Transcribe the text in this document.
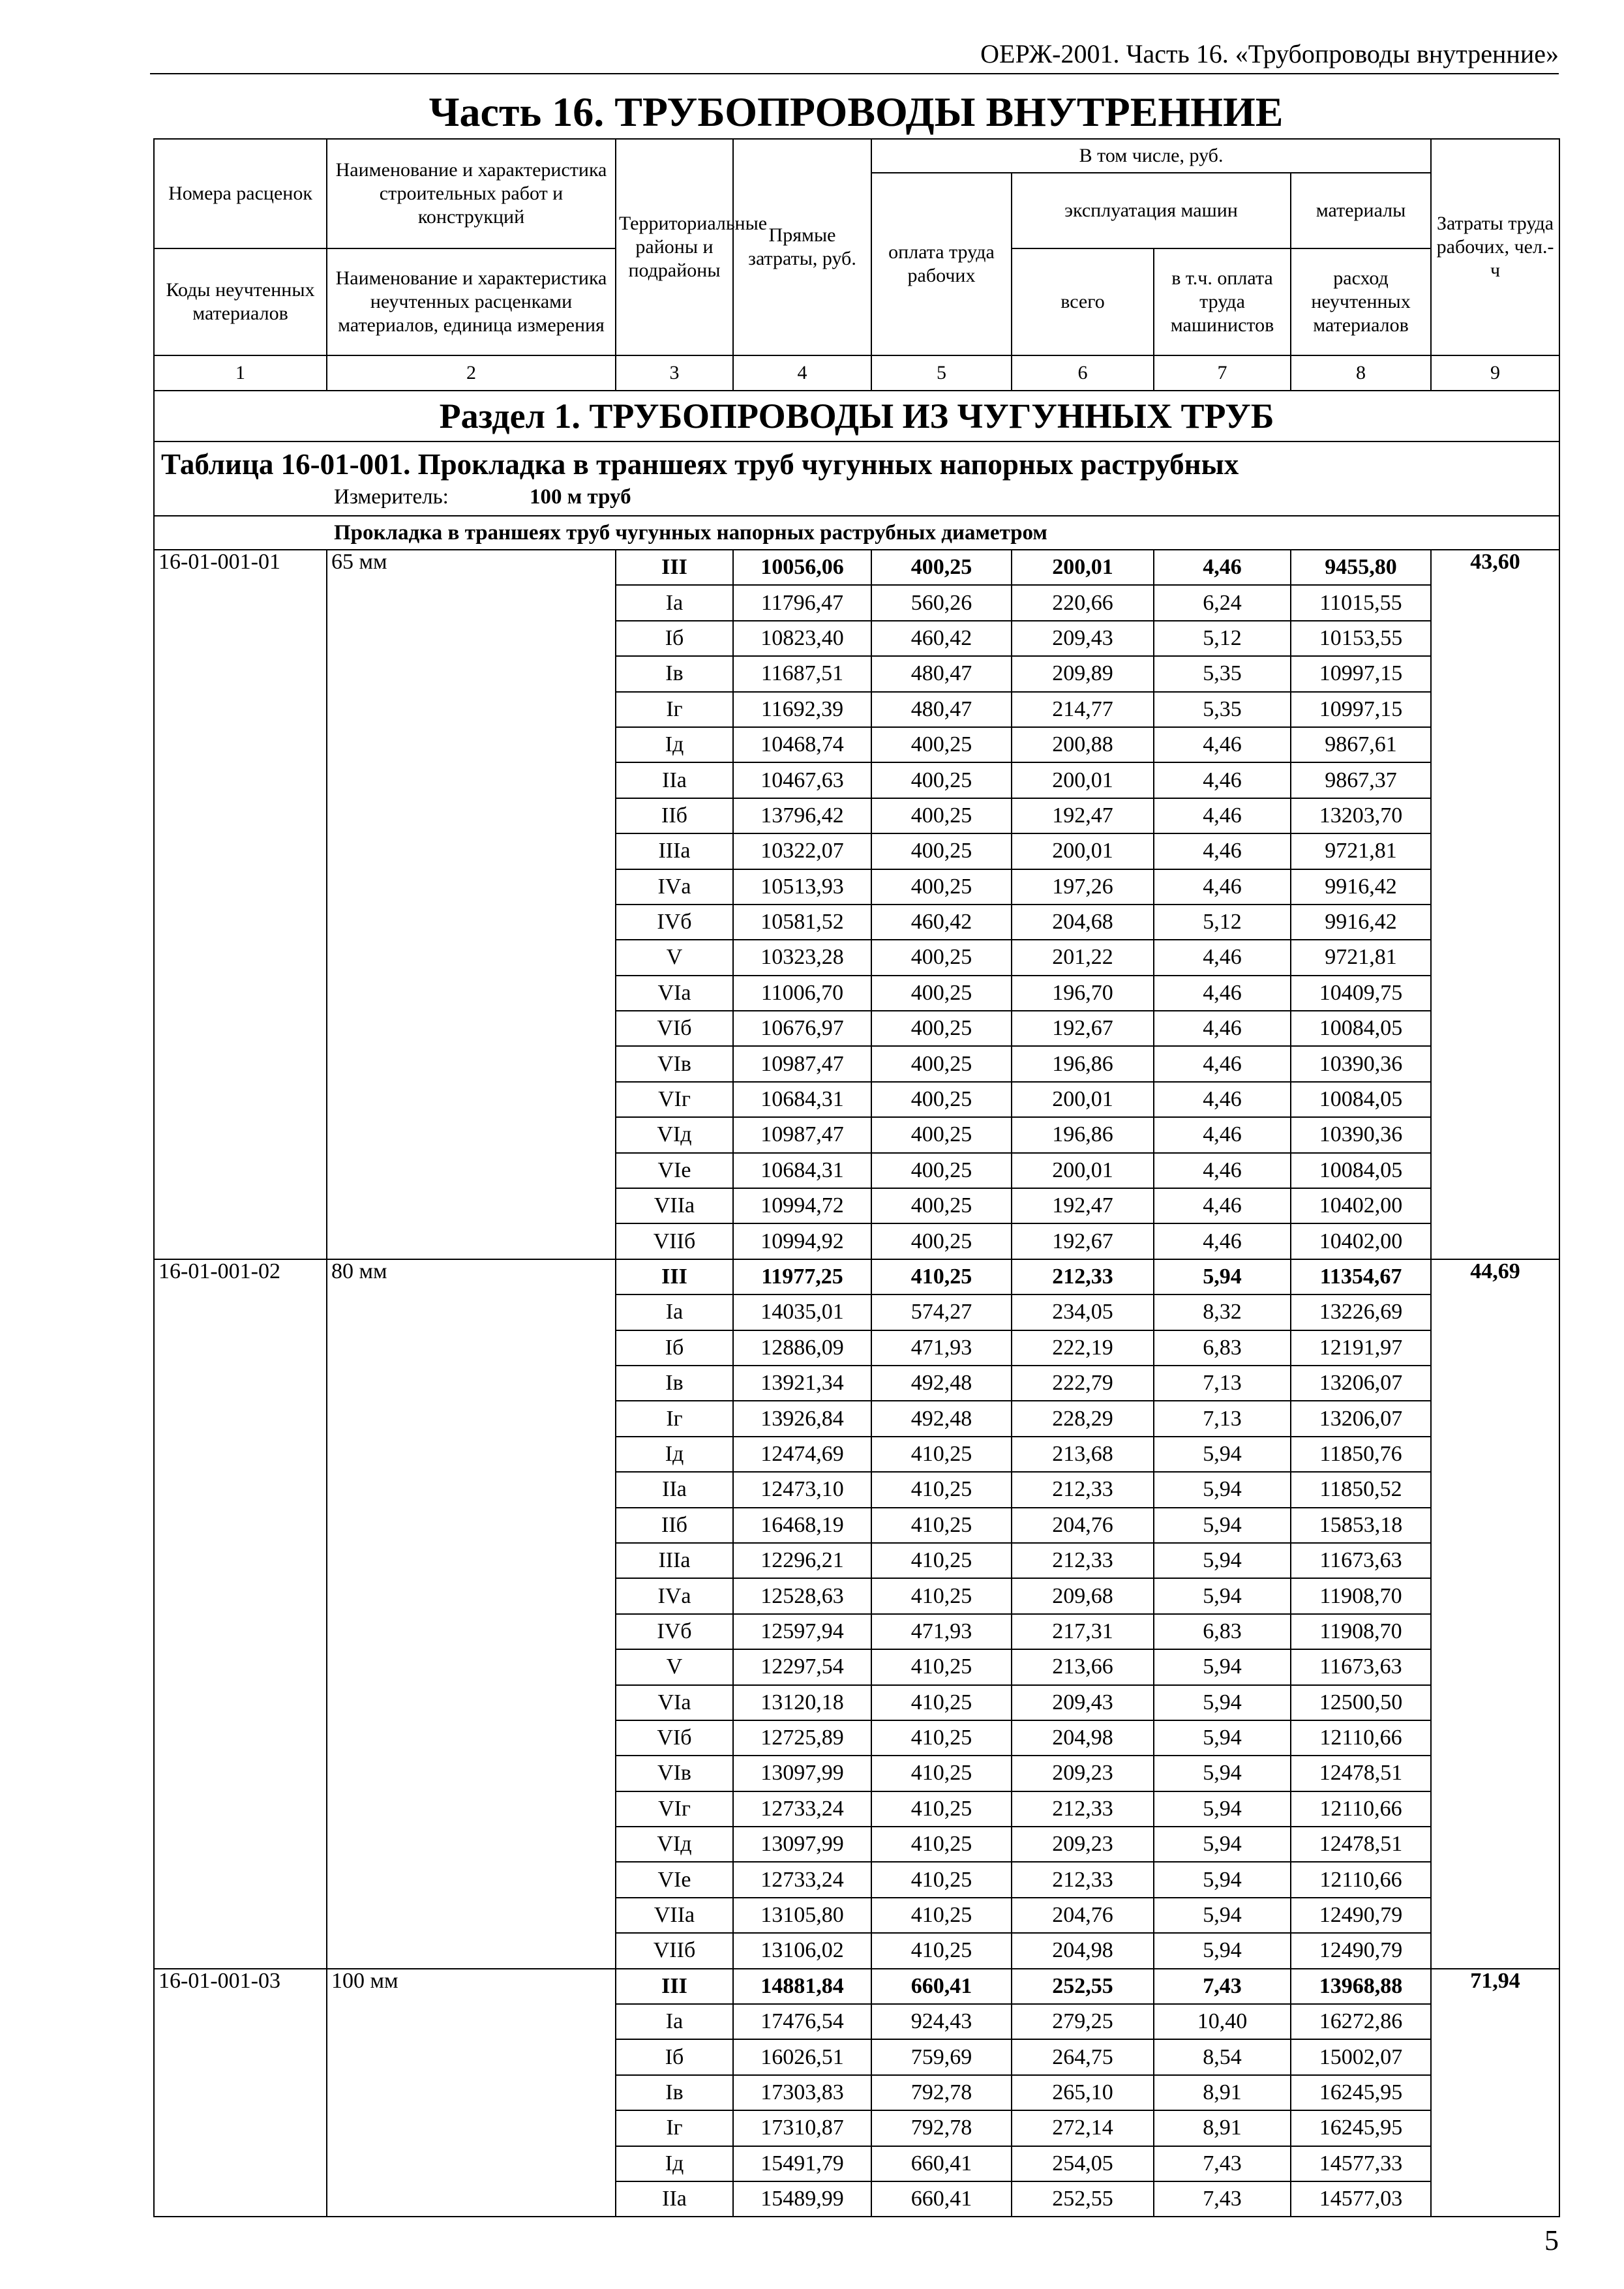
ОЕРЖ-2001. Часть 16. «Трубопроводы внутренние»
Часть 16. ТРУБОПРОВОДЫ ВНУТРЕННИЕ
Номера расценок	Наименование и характеристика строительных работ и конструкций	Территориальные районы и подрайоны	Прямые затраты, руб.	В том числе, руб.				Затраты труда рабочих, чел.-ч
				оплата труда рабочих	эксплуатация машин		материалы	
Коды неучтенных материалов	Наименование и характеристика неучтенных расценками материалов, единица измерения				всего	в т.ч. оплата труда машинистов	расход неучтенных материалов	

1	2	3	4	5	6	7	8	9
Раздел 1. ТРУБОПРОВОДЫ ИЗ ЧУГУННЫХ ТРУБ								

Таблица 16-01-001. Прокладка в траншеях труб чугунных напорных раструбных								

Измеритель: 100 м труб								
Прокладка в траншеях труб чугунных напорных раструбных диаметром								
16-01-001-01	65 мм	III	10056,06	400,25	200,01	4,46	9455,80	43,60
		Iа	11796,47	560,26	220,66	6,24	11015,55	
		Iб	10823,40	460,42	209,43	5,12	10153,55	
		Iв	11687,51	480,47	209,89	5,35	10997,15	
		Iг	11692,39	480,47	214,77	5,35	10997,15	
		Iд	10468,74	400,25	200,88	4,46	9867,61	
		IIа	10467,63	400,25	200,01	4,46	9867,37	
		IIб	13796,42	400,25	192,47	4,46	13203,70	
		IIIа	10322,07	400,25	200,01	4,46	9721,81	
		IVа	10513,93	400,25	197,26	4,46	9916,42	
		IVб	10581,52	460,42	204,68	5,12	9916,42	
		V	10323,28	400,25	201,22	4,46	9721,81	
		VIа	11006,70	400,25	196,70	4,46	10409,75	
		VIб	10676,97	400,25	192,67	4,46	10084,05	
		VIв	10987,47	400,25	196,86	4,46	10390,36	
		VIг	10684,31	400,25	200,01	4,46	10084,05	
		VIд	10987,47	400,25	196,86	4,46	10390,36	
		VIе	10684,31	400,25	200,01	4,46	10084,05	
		VIIа	10994,72	400,25	192,47	4,46	10402,00	
		VIIб	10994,92	400,25	192,67	4,46	10402,00	
16-01-001-02	80 мм	III	11977,25	410,25	212,33	5,94	11354,67	44,69
		Iа	14035,01	574,27	234,05	8,32	13226,69	
		Iб	12886,09	471,93	222,19	6,83	12191,97	
		Iв	13921,34	492,48	222,79	7,13	13206,07	
		Iг	13926,84	492,48	228,29	7,13	13206,07	
		Iд	12474,69	410,25	213,68	5,94	11850,76	
		IIа	12473,10	410,25	212,33	5,94	11850,52	
		IIб	16468,19	410,25	204,76	5,94	15853,18	
		IIIа	12296,21	410,25	212,33	5,94	11673,63	
		IVа	12528,63	410,25	209,68	5,94	11908,70	
		IVб	12597,94	471,93	217,31	6,83	11908,70	
		V	12297,54	410,25	213,66	5,94	11673,63	
		VIа	13120,18	410,25	209,43	5,94	12500,50	
		VIб	12725,89	410,25	204,98	5,94	12110,66	
		VIв	13097,99	410,25	209,23	5,94	12478,51	
		VIг	12733,24	410,25	212,33	5,94	12110,66	
		VIд	13097,99	410,25	209,23	5,94	12478,51	
		VIе	12733,24	410,25	212,33	5,94	12110,66	
		VIIа	13105,80	410,25	204,76	5,94	12490,79	
		VIIб	13106,02	410,25	204,98	5,94	12490,79	
16-01-001-03	100 мм	III	14881,84	660,41	252,55	7,43	13968,88	71,94
		Iа	17476,54	924,43	279,25	10,40	16272,86	
		Iб	16026,51	759,69	264,75	8,54	15002,07	
		Iв	17303,83	792,78	265,10	8,91	16245,95	
		Iг	17310,87	792,78	272,14	8,91	16245,95	
		Iд	15491,79	660,41	254,05	7,43	14577,33	
		IIа	15489,99	660,41	252,55	7,43	14577,03	
5
